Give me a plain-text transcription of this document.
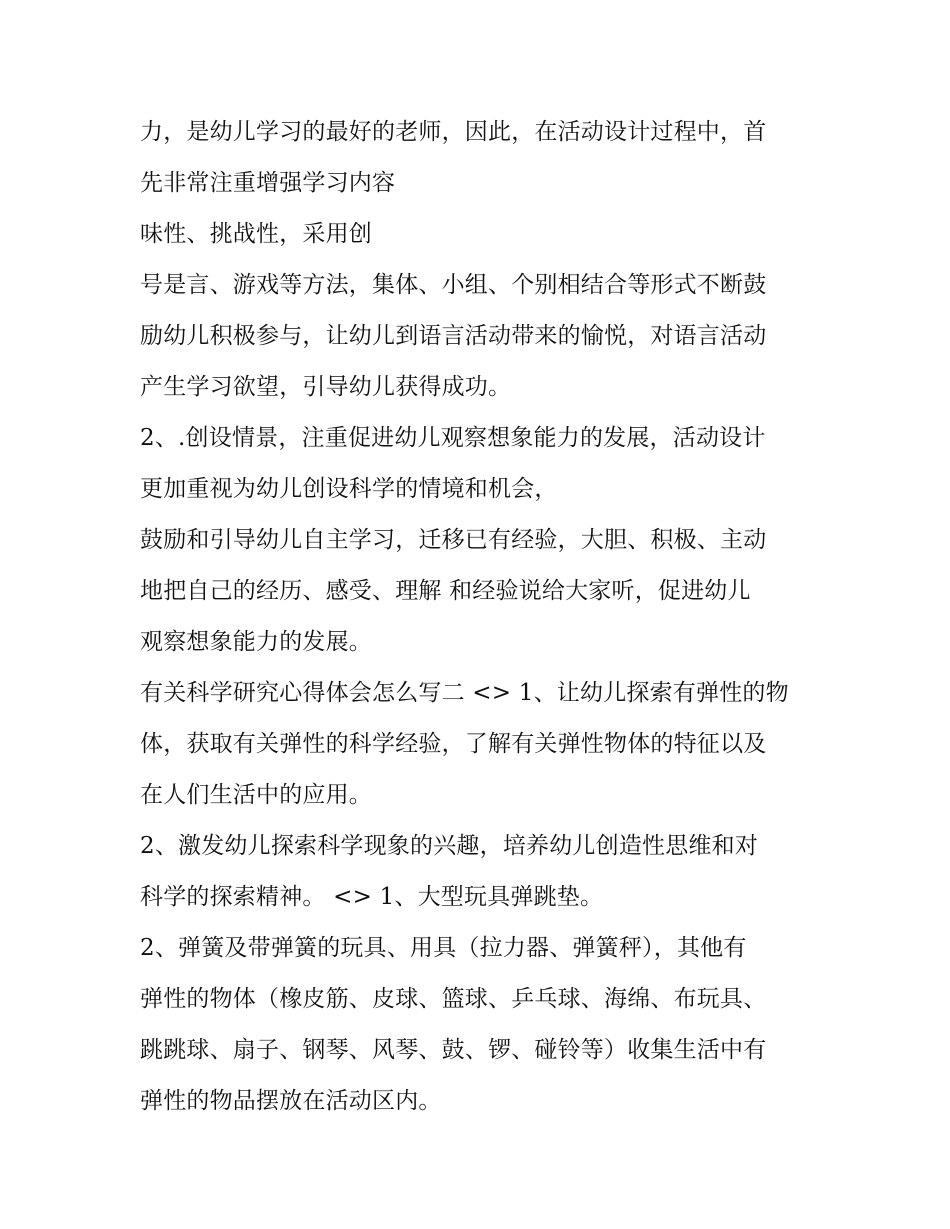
力，是幼儿学习的最好的老师，因此，在活动设计过程中，首
先非常注重增强学习内容
味性、挑战性，采用创
号是言、游戏等方法，集体、小组、个别相结合等形式不断鼓
励幼儿积极参与，让幼儿到语言活动带来的愉悦，对语言活动
产生学习欲望，引导幼儿获得成功。
2、.创设情景，注重促进幼儿观察想象能力的发展，活动设计
更加重视为幼儿创设科学的情境和机会，
鼓励和引导幼儿自主学习，迁移已有经验，大胆、积极、主动
地把自己的经历、感受、理解 和经验说给大家听，促进幼儿
观察想象能力的发展。
有关科学研究心得体会怎么写二 <> 1、让幼儿探索有弹性的物
体，获取有关弹性的科学经验，了解有关弹性物体的特征以及
在人们生活中的应用。
2、激发幼儿探索科学现象的兴趣，培养幼儿创造性思维和对
科学的探索精神。 <> 1、大型玩具弹跳垫。
2、弹簧及带弹簧的玩具、用具（拉力器、弹簧秤），其他有
弹性的物体（橡皮筋、皮球、篮球、乒乓球、海绵、布玩具、
跳跳球、扇子、钢琴、风琴、鼓、锣、碰铃等）收集生活中有
弹性的物品摆放在活动区内。
